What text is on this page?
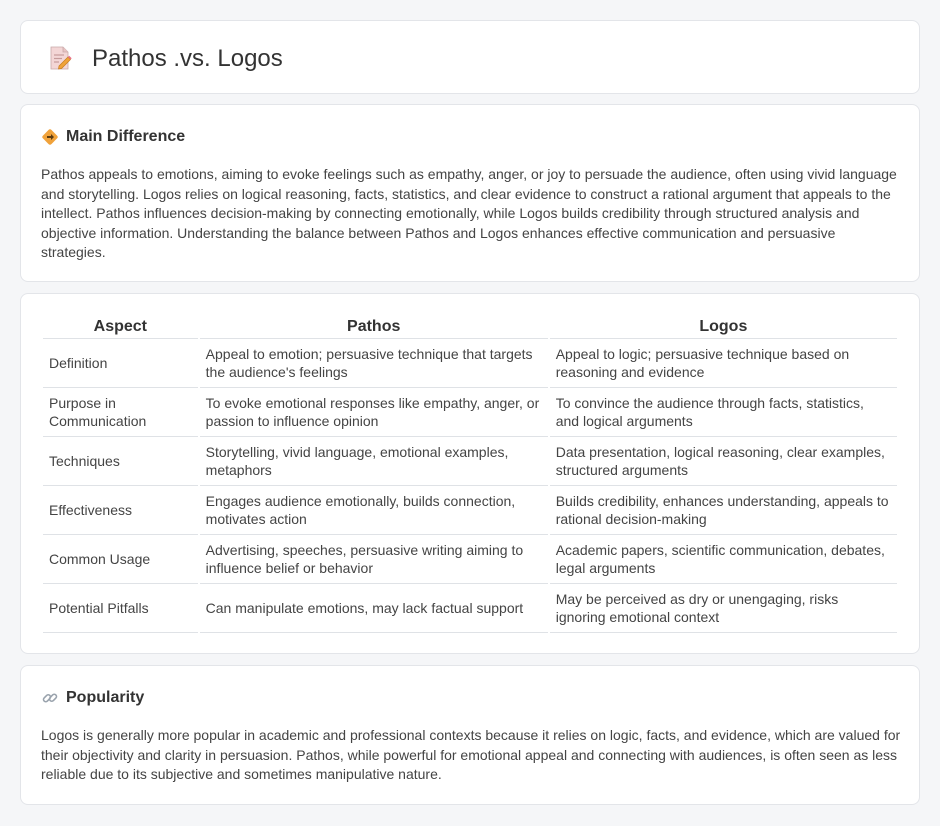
Pathos .vs. Logos
Main Difference

Pathos appeals to emotions, aiming to evoke feelings such as empathy, anger, or joy to persuade the audience, often using vivid language and storytelling. Logos relies on logical reasoning, facts, statistics, and clear evidence to construct a rational argument that appeals to the intellect. Pathos influences decision-making by connecting emotionally, while Logos builds credibility through structured analysis and objective information. Understanding the balance between Pathos and Logos enhances effective communication and persuasive strategies.

Aspect	Pathos	Logos
Definition	Appeal to emotion; persuasive technique that targets the audience's feelings	Appeal to logic; persuasive technique based on reasoning and evidence
Purpose in Communication	To evoke emotional responses like empathy, anger, or passion to influence opinion	To convince the audience through facts, statistics, and logical arguments
Techniques	Storytelling, vivid language, emotional examples, metaphors	Data presentation, logical reasoning, clear examples, structured arguments
Effectiveness	Engages audience emotionally, builds connection, motivates action	Builds credibility, enhances understanding, appeals to rational decision-making
Common Usage	Advertising, speeches, persuasive writing aiming to influence belief or behavior	Academic papers, scientific communication, debates, legal arguments
Potential Pitfalls	Can manipulate emotions, may lack factual support	May be perceived as dry or unengaging, risks ignoring emotional context
Popularity

Logos is generally more popular in academic and professional contexts because it relies on logic, facts, and evidence, which are valued for their objectivity and clarity in persuasion. Pathos, while powerful for emotional appeal and connecting with audiences, is often seen as less reliable due to its subjective and sometimes manipulative nature.
